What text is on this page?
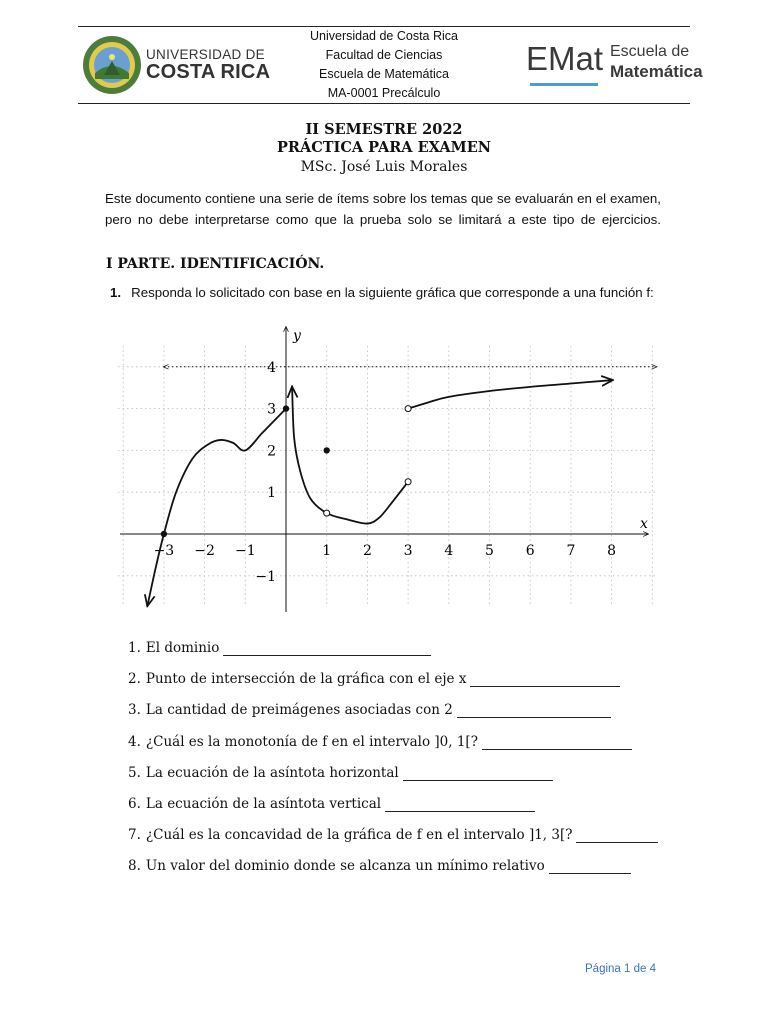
UNIVERSIDAD DE
COSTA RICA
Universidad de Costa Rica
Facultad de Ciencias
Escuela de Matemática
MA-0001 Precálculo
EMat Escuela de
Matemática
II SEMESTRE 2022
PRÁCTICA PARA EXAMEN
MSc. José Luis Morales
Este documento contiene una serie de ítems sobre los temas que se evaluarán en el examen, pero no debe interpretarse como que la prueba solo se limitará a este tipo de ejercicios.
I PARTE. IDENTIFICACIÓN.
1. Responda lo solicitado con base en la siguiente gráfica que corresponde a una función f:
x
y
−3 −2 −1	1 2 3 4 5 6 7 8
−1
1
2
3
4
1. El dominio
2. Punto de intersección de la gráfica con el eje x
3. La cantidad de preimágenes asociadas con 2
4. ¿Cuál es la monotonía de f en el intervalo ]0, 1[?
5. La ecuación de la asíntota horizontal
6. La ecuación de la asíntota vertical
7. ¿Cuál es la concavidad de la gráfica de f en el intervalo ]1, 3[?
8. Un valor del dominio donde se alcanza un mínimo relativo
Página 1 de 4
